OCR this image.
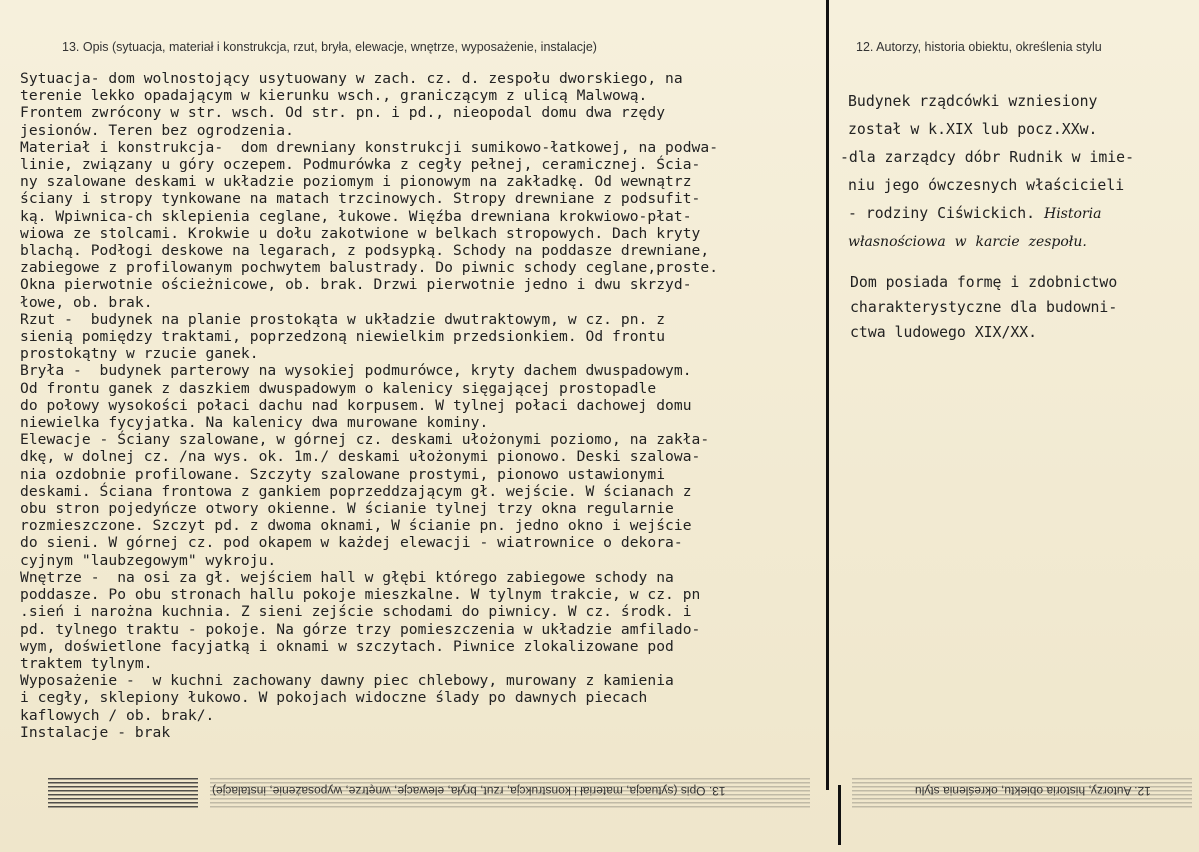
13. Opis (sytuacja, materiał i konstrukcja, rzut, bryła, elewacje, wnętrze, wyposażenie, instalacje)	12. Autorzy, historia obiektu, określenia stylu
Sytuacja- dom wolnostojący usytuowany w zach. cz. d. zespołu dworskiego, na
terenie lekko opadającym w kierunku wsch., graniczącym z ulicą Malwową.
Frontem zwrócony w str. wsch. Od str. pn. i pd., nieopodal domu dwa rzędy
jesionów. Teren bez ogrodzenia.
Materiał i konstrukcja-  dom drewniany konstrukcji sumikowo-łatkowej, na podwa-
linie, związany u góry oczepem. Podmurówka z cegły pełnej, ceramicznej. Ścia-
ny szalowane deskami w układzie poziomym i pionowym na zakładkę. Od wewnątrz
ściany i stropy tynkowane na matach trzcinowych. Stropy drewniane z podsufit-
ką. Wpiwnica-ch sklepienia ceglane, łukowe. Więźba drewniana krokwiowo-płat-
wiowa ze stolcami. Krokwie u dołu zakotwione w belkach stropowych. Dach kryty
blachą. Podłogi deskowe na legarach, z podsypką. Schody na poddasze drewniane,
zabiegowe z profilowanym pochwytem balustrady. Do piwnic schody ceglane,proste.
Okna pierwotnie ościeżnicowe, ob. brak. Drzwi pierwotnie jedno i dwu skrzyd-
łowe, ob. brak.
Rzut -  budynek na planie prostokąta w układzie dwutraktowym, w cz. pn. z
sienią pomiędzy traktami, poprzedzoną niewielkim przedsionkiem. Od frontu
prostokątny w rzucie ganek.
Bryła -  budynek parterowy na wysokiej podmurówce, kryty dachem dwuspadowym.
Od frontu ganek z daszkiem dwuspadowym o kalenicy sięgającej prostopadle
do połowy wysokości połaci dachu nad korpusem. W tylnej połaci dachowej domu
niewielka fycyjatka. Na kalenicy dwa murowane kominy.
Elewacje - Ściany szalowane, w górnej cz. deskami ułożonymi poziomo, na zakła-
dkę, w dolnej cz. /na wys. ok. 1m./ deskami ułożonymi pionowo. Deski szalowa-
nia ozdobnie profilowane. Szczyty szalowane prostymi, pionowo ustawionymi
deskami. Ściana frontowa z gankiem poprzeddzającym gł. wejście. W ścianach z
obu stron pojedyńcze otwory okienne. W ścianie tylnej trzy okna regularnie
rozmieszczone. Szczyt pd. z dwoma oknami, W ścianie pn. jedno okno i wejście
do sieni. W górnej cz. pod okapem w każdej elewacji - wiatrownice o dekora-
cyjnym "laubzegowym" wykroju.
Wnętrze -  na osi za gł. wejściem hall w głębi którego zabiegowe schody na
poddasze. Po obu stronach hallu pokoje mieszkalne. W tylnym trakcie, w cz. pn
.sień i narożna kuchnia. Z sieni zejście schodami do piwnicy. W cz. środk. i
pd. tylnego traktu - pokoje. Na górze trzy pomieszczenia w układzie amfilado-
wym, doświetlone facyjatką i oknami w szczytach. Piwnice zlokalizowane pod
traktem tylnym.
Wyposażenie -  w kuchni zachowany dawny piec chlebowy, murowany z kamienia
i cegły, sklepiony łukowo. W pokojach widoczne ślady po dawnych piecach
kaflowych / ob. brak/.
Instalacje - brak
Budynek rządcówki wzniesiony
został w k.XIX lub pocz.XXw.
-dla zarządcy dóbr Rudnik w imie-
niu jego ówczesnych właścicieli
- rodziny Ciświckich. Historia
własnościowa  w  karcie  zespołu.
Dom posiada formę i zdobnictwo
charakterystyczne dla budowni-
ctwa ludowego XIX/XX.
13. Opis (sytuacja, materiał i konstrukcja, rzut, bryła, elewacje, wnętrze, wyposażenie, instalacje)	12. Autorzy, historia obiektu, określenia stylu
